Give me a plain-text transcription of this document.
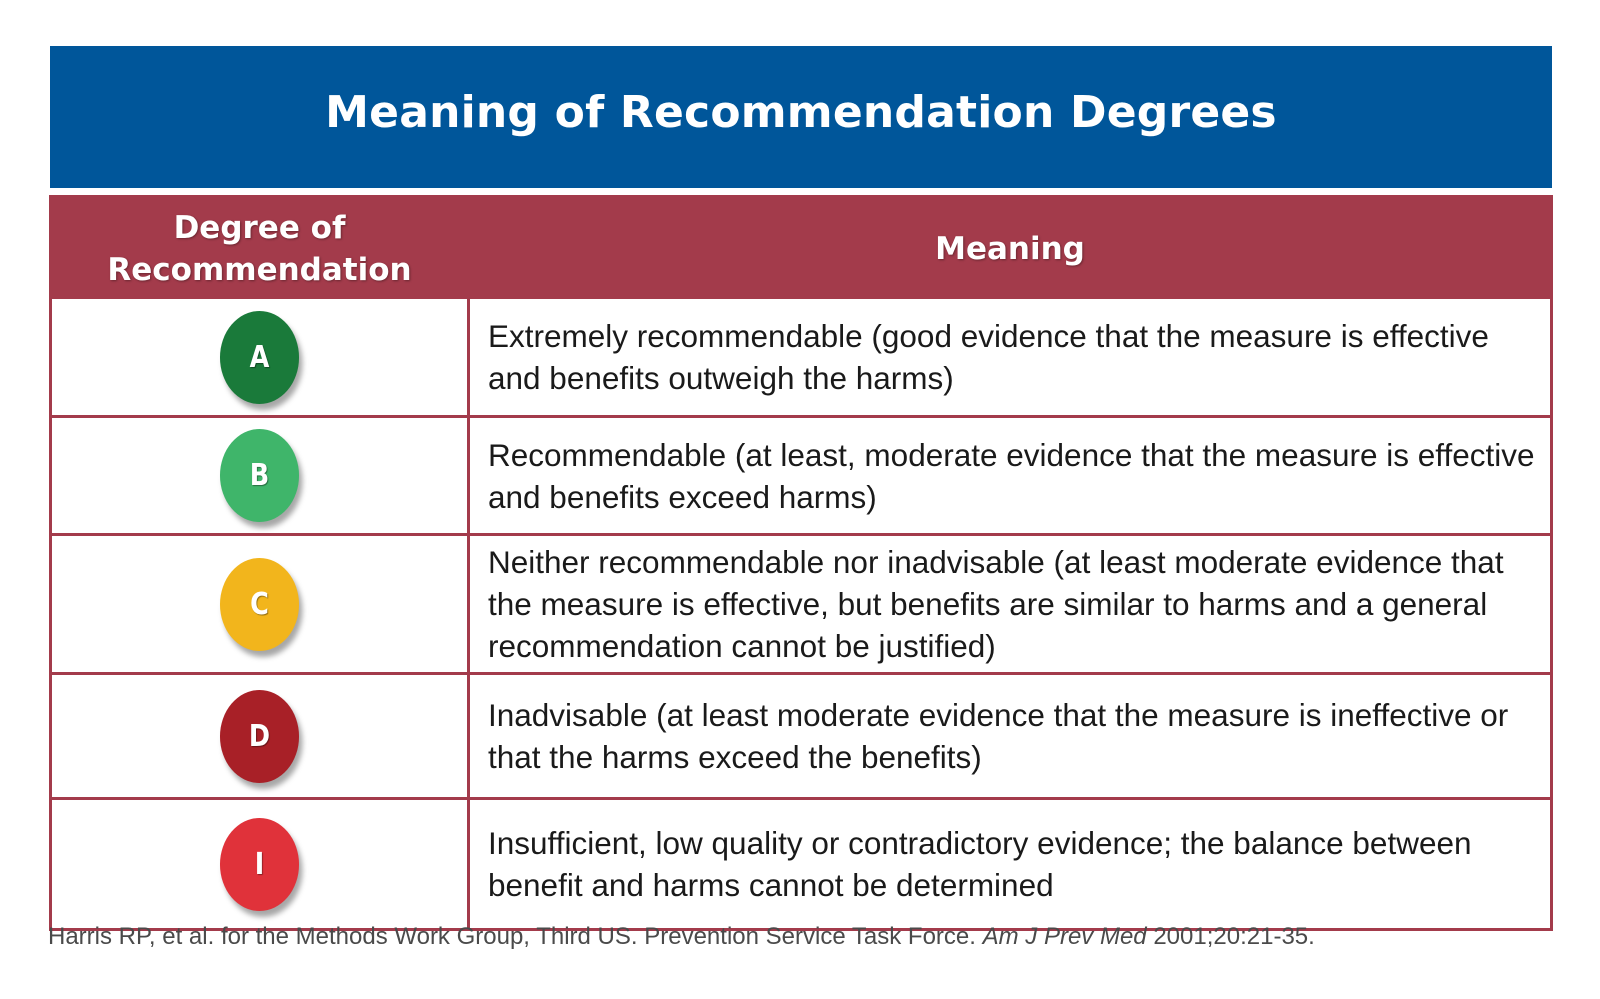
Meaning of Recommendation Degrees
Degree of
Recommendation
Meaning
A
Extremely recommendable (good evidence that the measure is effective and benefits outweigh the harms)
B
Recommendable (at least, moderate evidence that the measure is effective and benefits exceed harms)
C
Neither recommendable nor inadvisable (at least moderate evidence that the measure is effective, but benefits are similar to harms and a general recommendation cannot be justified)
D
Inadvisable (at least moderate evidence that the measure is ineffective or that the harms exceed the benefits)
I
Insufficient, low quality or contradictory evidence; the balance between benefit and harms cannot be determined
Harris RP, et al. for the Methods Work Group, Third US. Prevention Service Task Force. Am J Prev Med 2001;20:21-35.
